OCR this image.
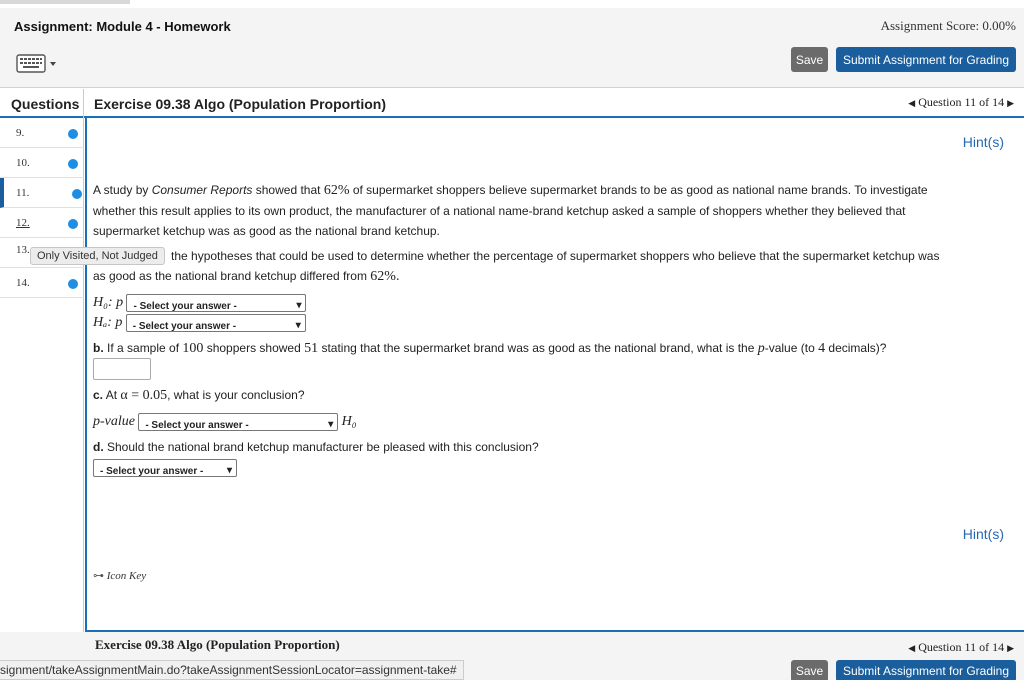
Assignment: Module 4 - Homework	Assignment Score: 0.00%
Save	Submit Assignment for Grading
Questions Exercise 09.38 Algo (Population Proportion)	◀ Question 11 of 14 ▶
9.
10.
11.
12.
13.
14.
Hint(s)
A study by Consumer Reports showed that 62% of supermarket shoppers believe supermarket brands to be as good as national name brands. To investigate
whether this result applies to its own product, the manufacturer of a national name-brand ketchup asked a sample of shoppers whether they believed that
supermarket ketchup was as good as the national brand ketchup.
the hypotheses that could be used to determine whether the percentage of supermarket shoppers who believe that the supermarket ketchup was
as good as the national brand ketchup differed from 62%.
H₀: p - Select your answer -	▾
Hₐ: p - Select your answer -	▾
b. If a sample of 100 shoppers showed 51 stating that the supermarket brand was as good as the national brand, what is the p-value (to 4 decimals)?
c. At α = 0.05, what is your conclusion?
p-value - Select your answer -	▾ H₀
d. Should the national brand ketchup manufacturer be pleased with this conclusion?
- Select your answer - ▾
Hint(s)
⊶ Icon Key
Only Visited, Not Judged
Exercise 09.38 Algo (Population Proportion)	◀ Question 11 of 14 ▶
signment/takeAssignmentMain.do?takeAssignmentSessionLocator=assignment-take#	Save	Submit Assignment for Grading
